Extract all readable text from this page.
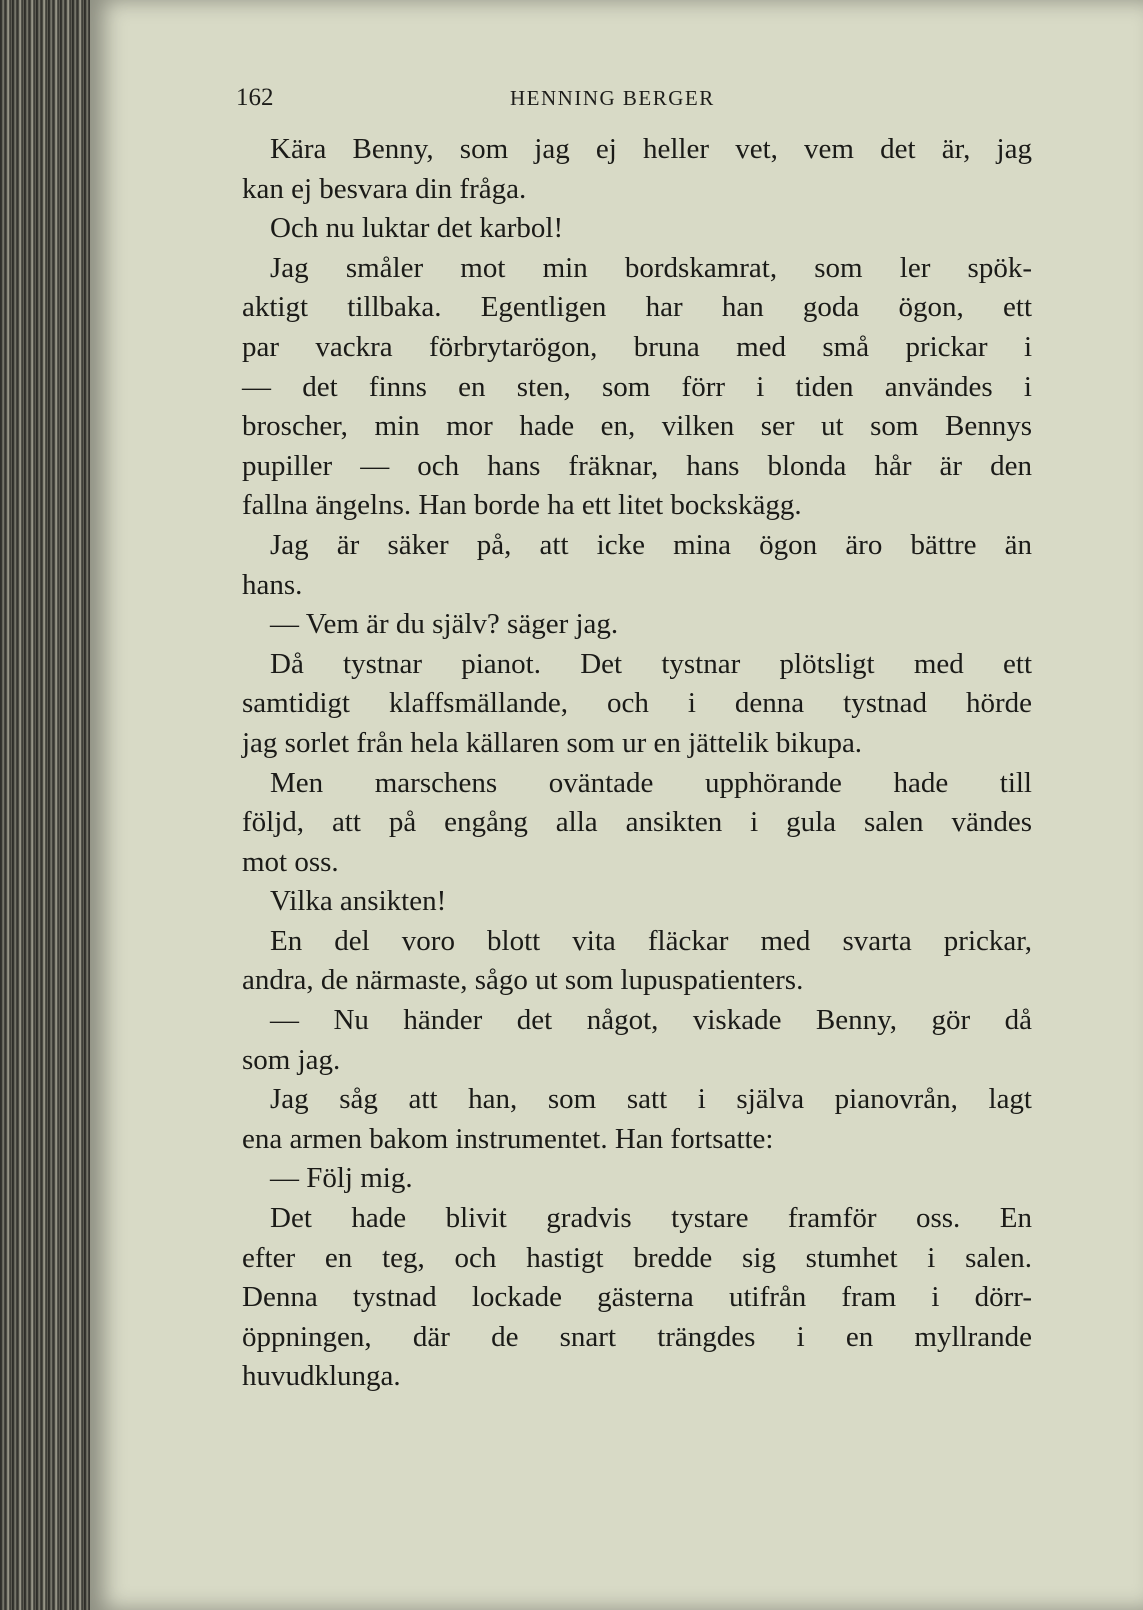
162	HENNING BERGER
Kära Benny, som jag ej heller vet, vem det är, jag
kan ej besvara din fråga.
Och nu luktar det karbol!
Jag småler mot min bordskamrat, som ler spök-
aktigt tillbaka. Egentligen har han goda ögon, ett
par vackra förbrytarögon, bruna med små prickar i
— det finns en sten, som förr i tiden användes i
broscher, min mor hade en, vilken ser ut som Bennys
pupiller — och hans fräknar, hans blonda hår är den
fallna ängelns. Han borde ha ett litet bockskägg.
Jag är säker på, att icke mina ögon äro bättre än
hans.
— Vem är du själv? säger jag.
Då tystnar pianot. Det tystnar plötsligt med ett
samtidigt klaffsmällande, och i denna tystnad hörde
jag sorlet från hela källaren som ur en jättelik bikupa.
Men marschens oväntade upphörande hade till
följd, att på engång alla ansikten i gula salen vändes
mot oss.
Vilka ansikten!
En del voro blott vita fläckar med svarta prickar,
andra, de närmaste, sågo ut som lupuspatienters.
— Nu händer det något, viskade Benny, gör då
som jag.
Jag såg att han, som satt i själva pianovrån, lagt
ena armen bakom instrumentet. Han fortsatte:
— Följ mig.
Det hade blivit gradvis tystare framför oss. En
efter en teg, och hastigt bredde sig stumhet i salen.
Denna tystnad lockade gästerna utifrån fram i dörr-
öppningen, där de snart trängdes i en myllrande
huvudklunga.
